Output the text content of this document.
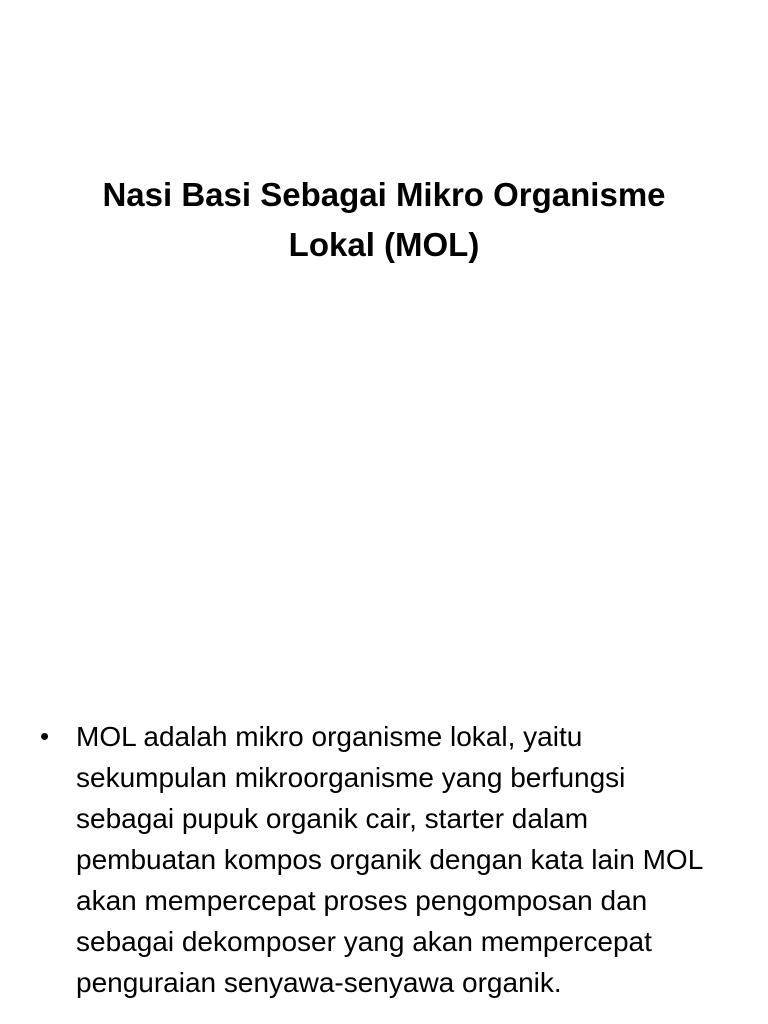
Nasi Basi Sebagai Mikro Organisme
Lokal (MOL)
• MOL adalah mikro organisme lokal, yaitu sekumpulan mikroorganisme yang berfungsi sebagai pupuk organik cair, starter dalam pembuatan kompos organik dengan kata lain MOL akan mempercepat proses pengomposan dan sebagai dekomposer yang akan mempercepat penguraian senyawa-senyawa organik.
